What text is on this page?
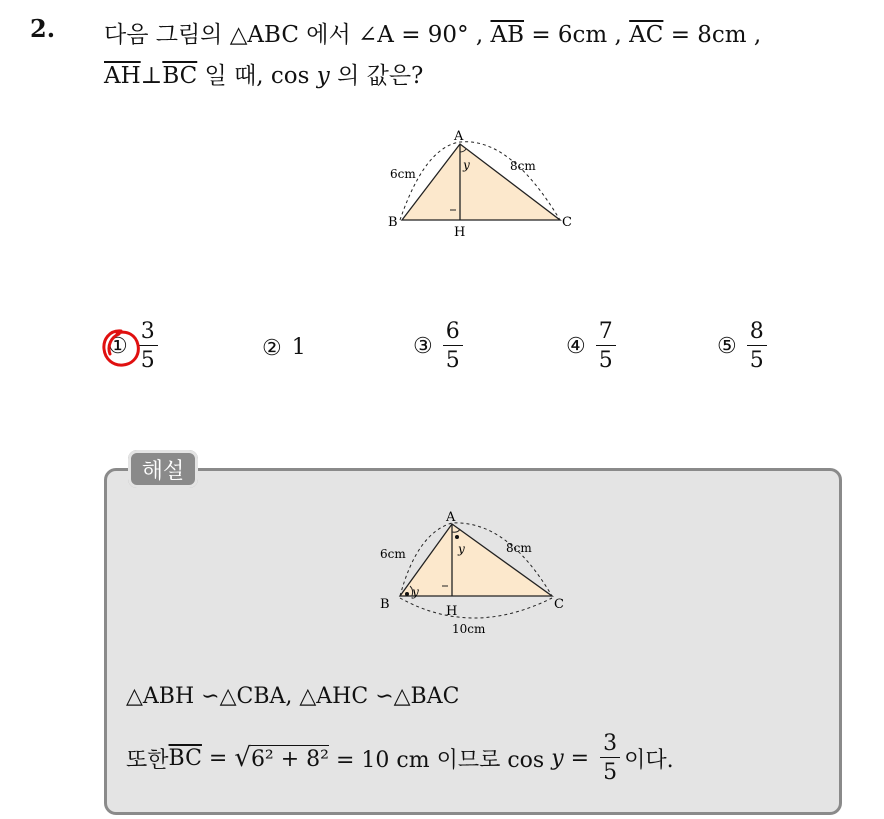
2. 다음 그림의 △ABC 에서 ∠A = 90° , $\overline{AB} = 6cm$ , $\overline{AC} = 8cm$ ,
$\overline{AH}\perp\overline{BC}$ 일 때, cos y 의 값은?
A
B	C
H
6cm
8cm
y
① $\frac{3}{5}$	② 1	③ $\frac{6}{5}$	④ $\frac{7}{5}$	⑤ $\frac{8}{5}$
해설
A
B	C
H
6cm	8cm
10cm
y
y
△ABH ∽△CBA, △AHC ∽△BAC
또한 $\overline{BC}$ = √ 6² + 8² = 10 cm 이므로 cos
$y = \frac{3}{5}$ 이다.
